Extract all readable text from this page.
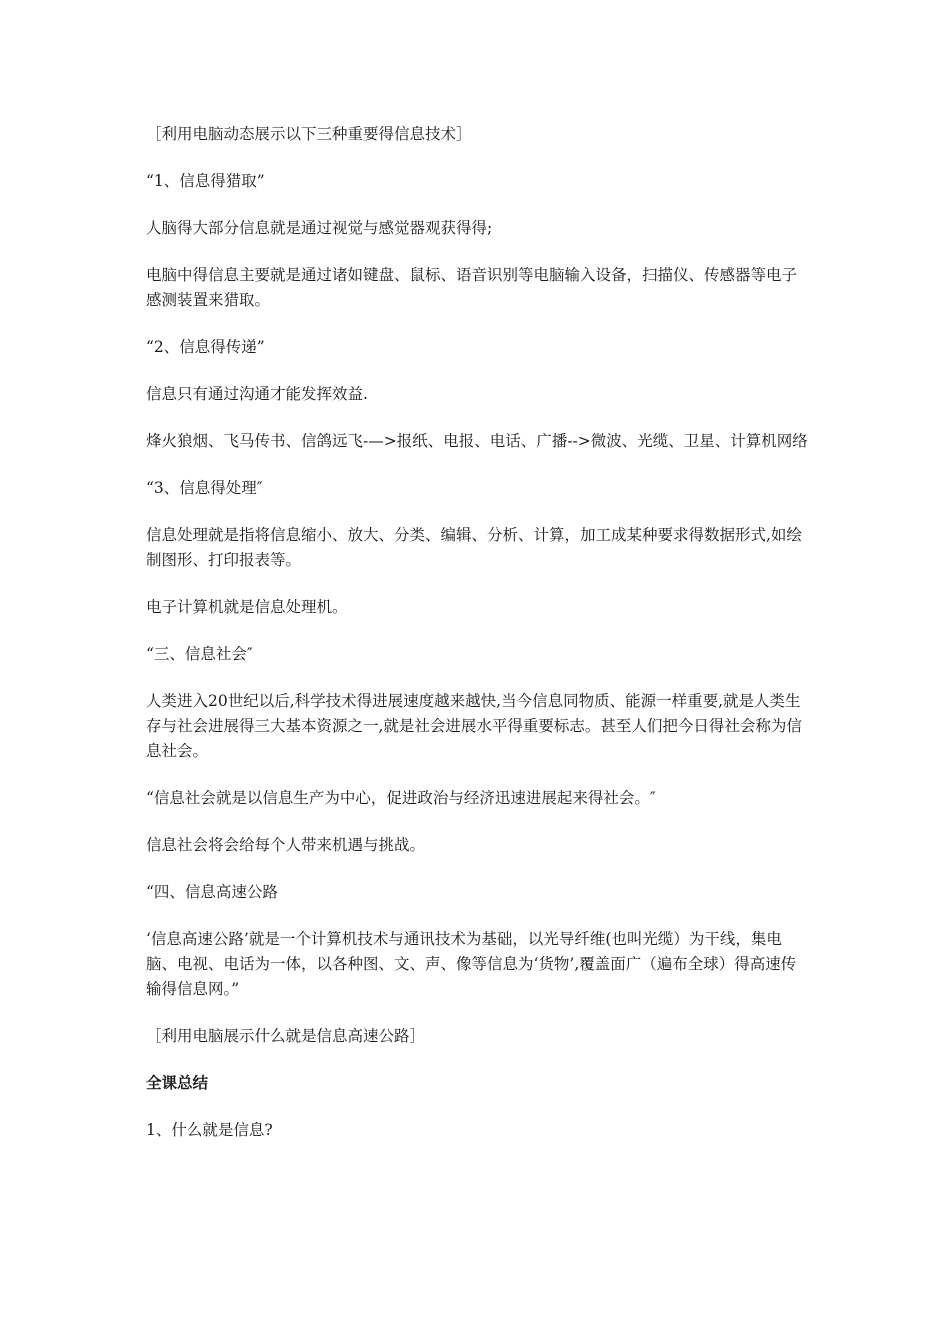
［利用电脑动态展示以下三种重要得信息技术］

“1、信息得猎取”

人脑得大部分信息就是通过视觉与感觉器观获得得;

电脑中得信息主要就是通过诸如键盘、鼠标、语音识别等电脑输入设备，扫描仪、传感器等电子感测装置来猎取。

“2、信息得传递”

信息只有通过沟通才能发挥效益.

烽火狼烟、飞马传书、信鸽远飞-—>报纸、电报、电话、广播-->微波、光缆、卫星、计算机网络

“3、信息得处理″

信息处理就是指将信息缩小、放大、分类、编辑、分析、计算，加工成某种要求得数据形式,如绘制图形、打印报表等。

电子计算机就是信息处理机。

“三、信息社会″

人类进入20世纪以后,科学技术得进展速度越来越快,当今信息同物质、能源一样重要,就是人类生存与社会进展得三大基本资源之一,就是社会进展水平得重要标志。甚至人们把今日得社会称为信息社会。

“信息社会就是以信息生产为中心，促进政治与经济迅速进展起来得社会。″

信息社会将会给每个人带来机遇与挑战。

“四、信息高速公路

‘信息高速公路’就是一个计算机技术与通讯技术为基础，以光导纤维(也叫光缆）为干线，集电脑、电视、电话为一体，以各种图、文、声、像等信息为‘货物’,覆盖面广（遍布全球）得高速传输得信息网。”

［利用电脑展示什么就是信息高速公路］

全课总结

1、什么就是信息?
